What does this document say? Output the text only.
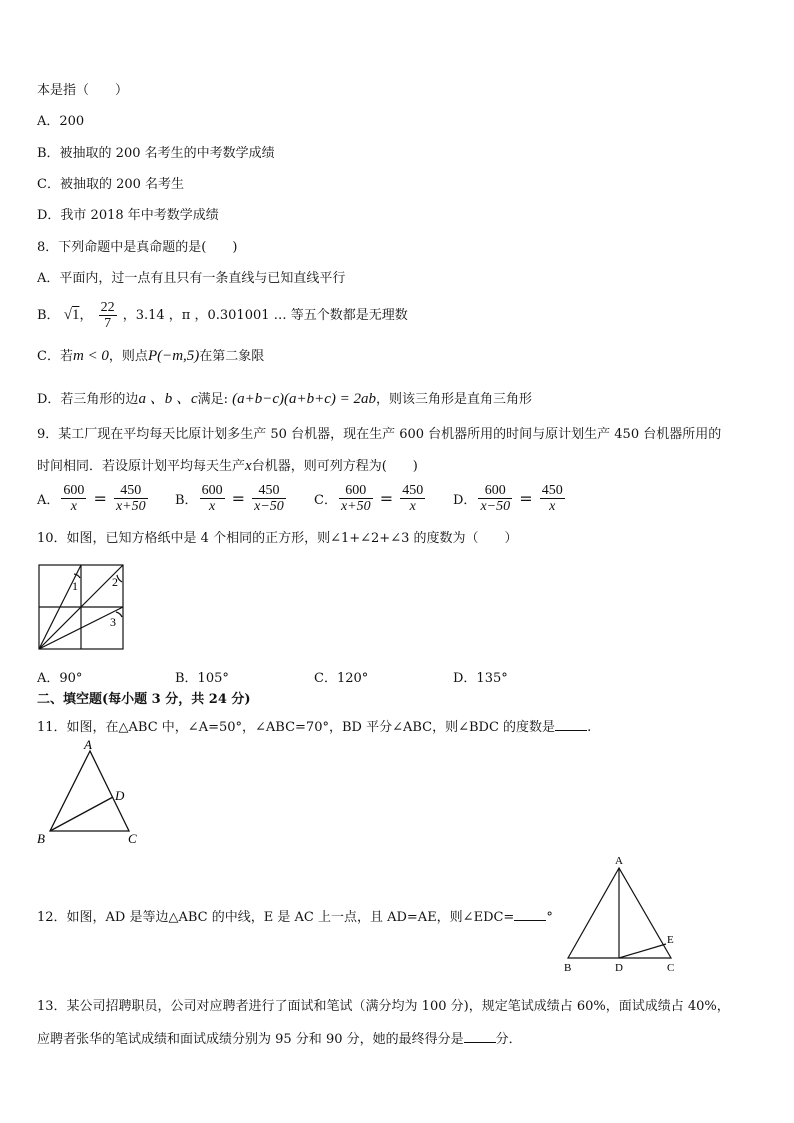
本是指（　　）
A．200
B．被抽取的 200 名考生的中考数学成绩
C．被抽取的 200 名考生
D．我市 2018 年中考数学成绩
8．下列命题中是真命题的是(　　)
A．平面内，过一点有且只有一条直线与已知直线平行
B． √1， $\frac{22}{7}$ ，3.14 ，π ，0.301001 … 等五个数都是无理数
C．若m < 0，则点P(−m,5)在第二象限
D．若三角形的边a 、b 、c满足: (a+b−c)(a+b+c) = 2ab，则该三角形是直角三角形
9．某工厂现在平均每天比原计划多生产 50 台机器，现在生产 600 台机器所用的时间与原计划生产 450 台机器所用的
时间相同．若设原计划平均每天生产x台机器，则可列方程为(　　)
A． $\frac{600}{x} = \frac{450}{x+50}$ B． $\frac{600}{x} = \frac{450}{x-50}$ C． $\frac{600}{x+50} = \frac{450}{x}$ D． $\frac{600}{x-50} = \frac{450}{x}$
10．如图，已知方格纸中是 4 个相同的正方形，则∠1+∠2+∠3 的度数为（　　）
1	2
3
A．90°	B．105°	C．120°	D．135°
二、填空题(每小题 3 分，共 24 分)
11．如图，在△ABC 中，∠A=50°，∠ABC=70°，BD 平分∠ABC，则∠BDC 的度数是 .
A
D
B	C
12．如图，AD 是等边△ABC 的中线，E 是 AC 上一点，且 AD=AE，则∠EDC= °
A
B	D	C
E
13．某公司招聘职员，公司对应聘者进行了面试和笔试（满分均为 100 分)，规定笔试成绩占 60%，面试成绩占 40%，
应聘者张华的笔试成绩和面试成绩分别为 95 分和 90 分，她的最终得分是 分．
